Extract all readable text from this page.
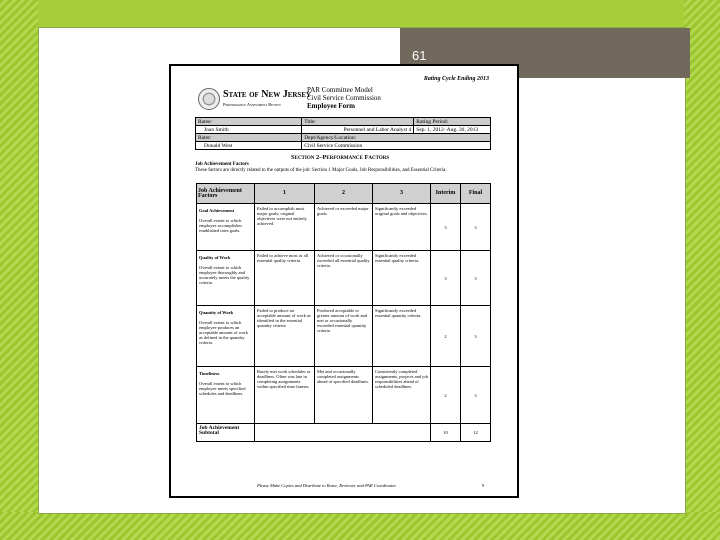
61
Rating Cycle Ending 2013
State of New Jersey
Performance Assessment Review
PAR Committee Model
Civil Service Commission
Employee Form
Ratee:	Title:	Rating Period:
Joan Smith	Personnel and Labor Analyst 4	Sep. 1, 2012- Aug. 30, 2013
Rater:	Dept/Agency/Location:	
Donald West	Civil Service Commission	
Section 2–Performance Factors
Job Achievement Factors
These factors are directly related to the outputs of the job: Section 1 Major Goals, Job Responsibilities, and Essential Criteria.
Job Achievement Factors	1	2	3	Interim	Final

Goal Achievement
Overall extent to which employee accomplishes established rates goals.	Failed to accomplish most major goals; original objectives were not entirely achieved.	Achieved or exceeded major goals.	Significantly exceeded original goals and objectives.	3	3

Quality of Work
Overall extent to which employee thoroughly and accurately meets the quality criteria.	Failed to achieve most or all essential quality criteria.	Achieved or occasionally exceeded all essential quality criteria.	Significantly exceeded essential quality criteria.	3	3

Quantity of Work
Overall extent to which employee produces an acceptable amount of work as defined in the quantity criteria.	Failed to produce an acceptable amount of work as identified in the essential quantity criteria	Produced acceptable or greater amount of work and met or occasionally exceeded essential quantity criteria.	Significantly exceeded essential quantity criteria.	2	3

Timeliness
Overall extent to which employee meets specified schedules and deadlines.	Rarely met work schedules or deadlines. Often was late in completing assignments within specified time frames.	Met and occasionally completed assignments ahead of specified deadlines.	Consistently completed assignments, projects and job responsibilities ahead of scheduled deadlines.	2	3
Job Achievement Subtotal				10	12
Please Make Copies and Distribute to Ratee, Reviewer and PAR Coordinator	9
